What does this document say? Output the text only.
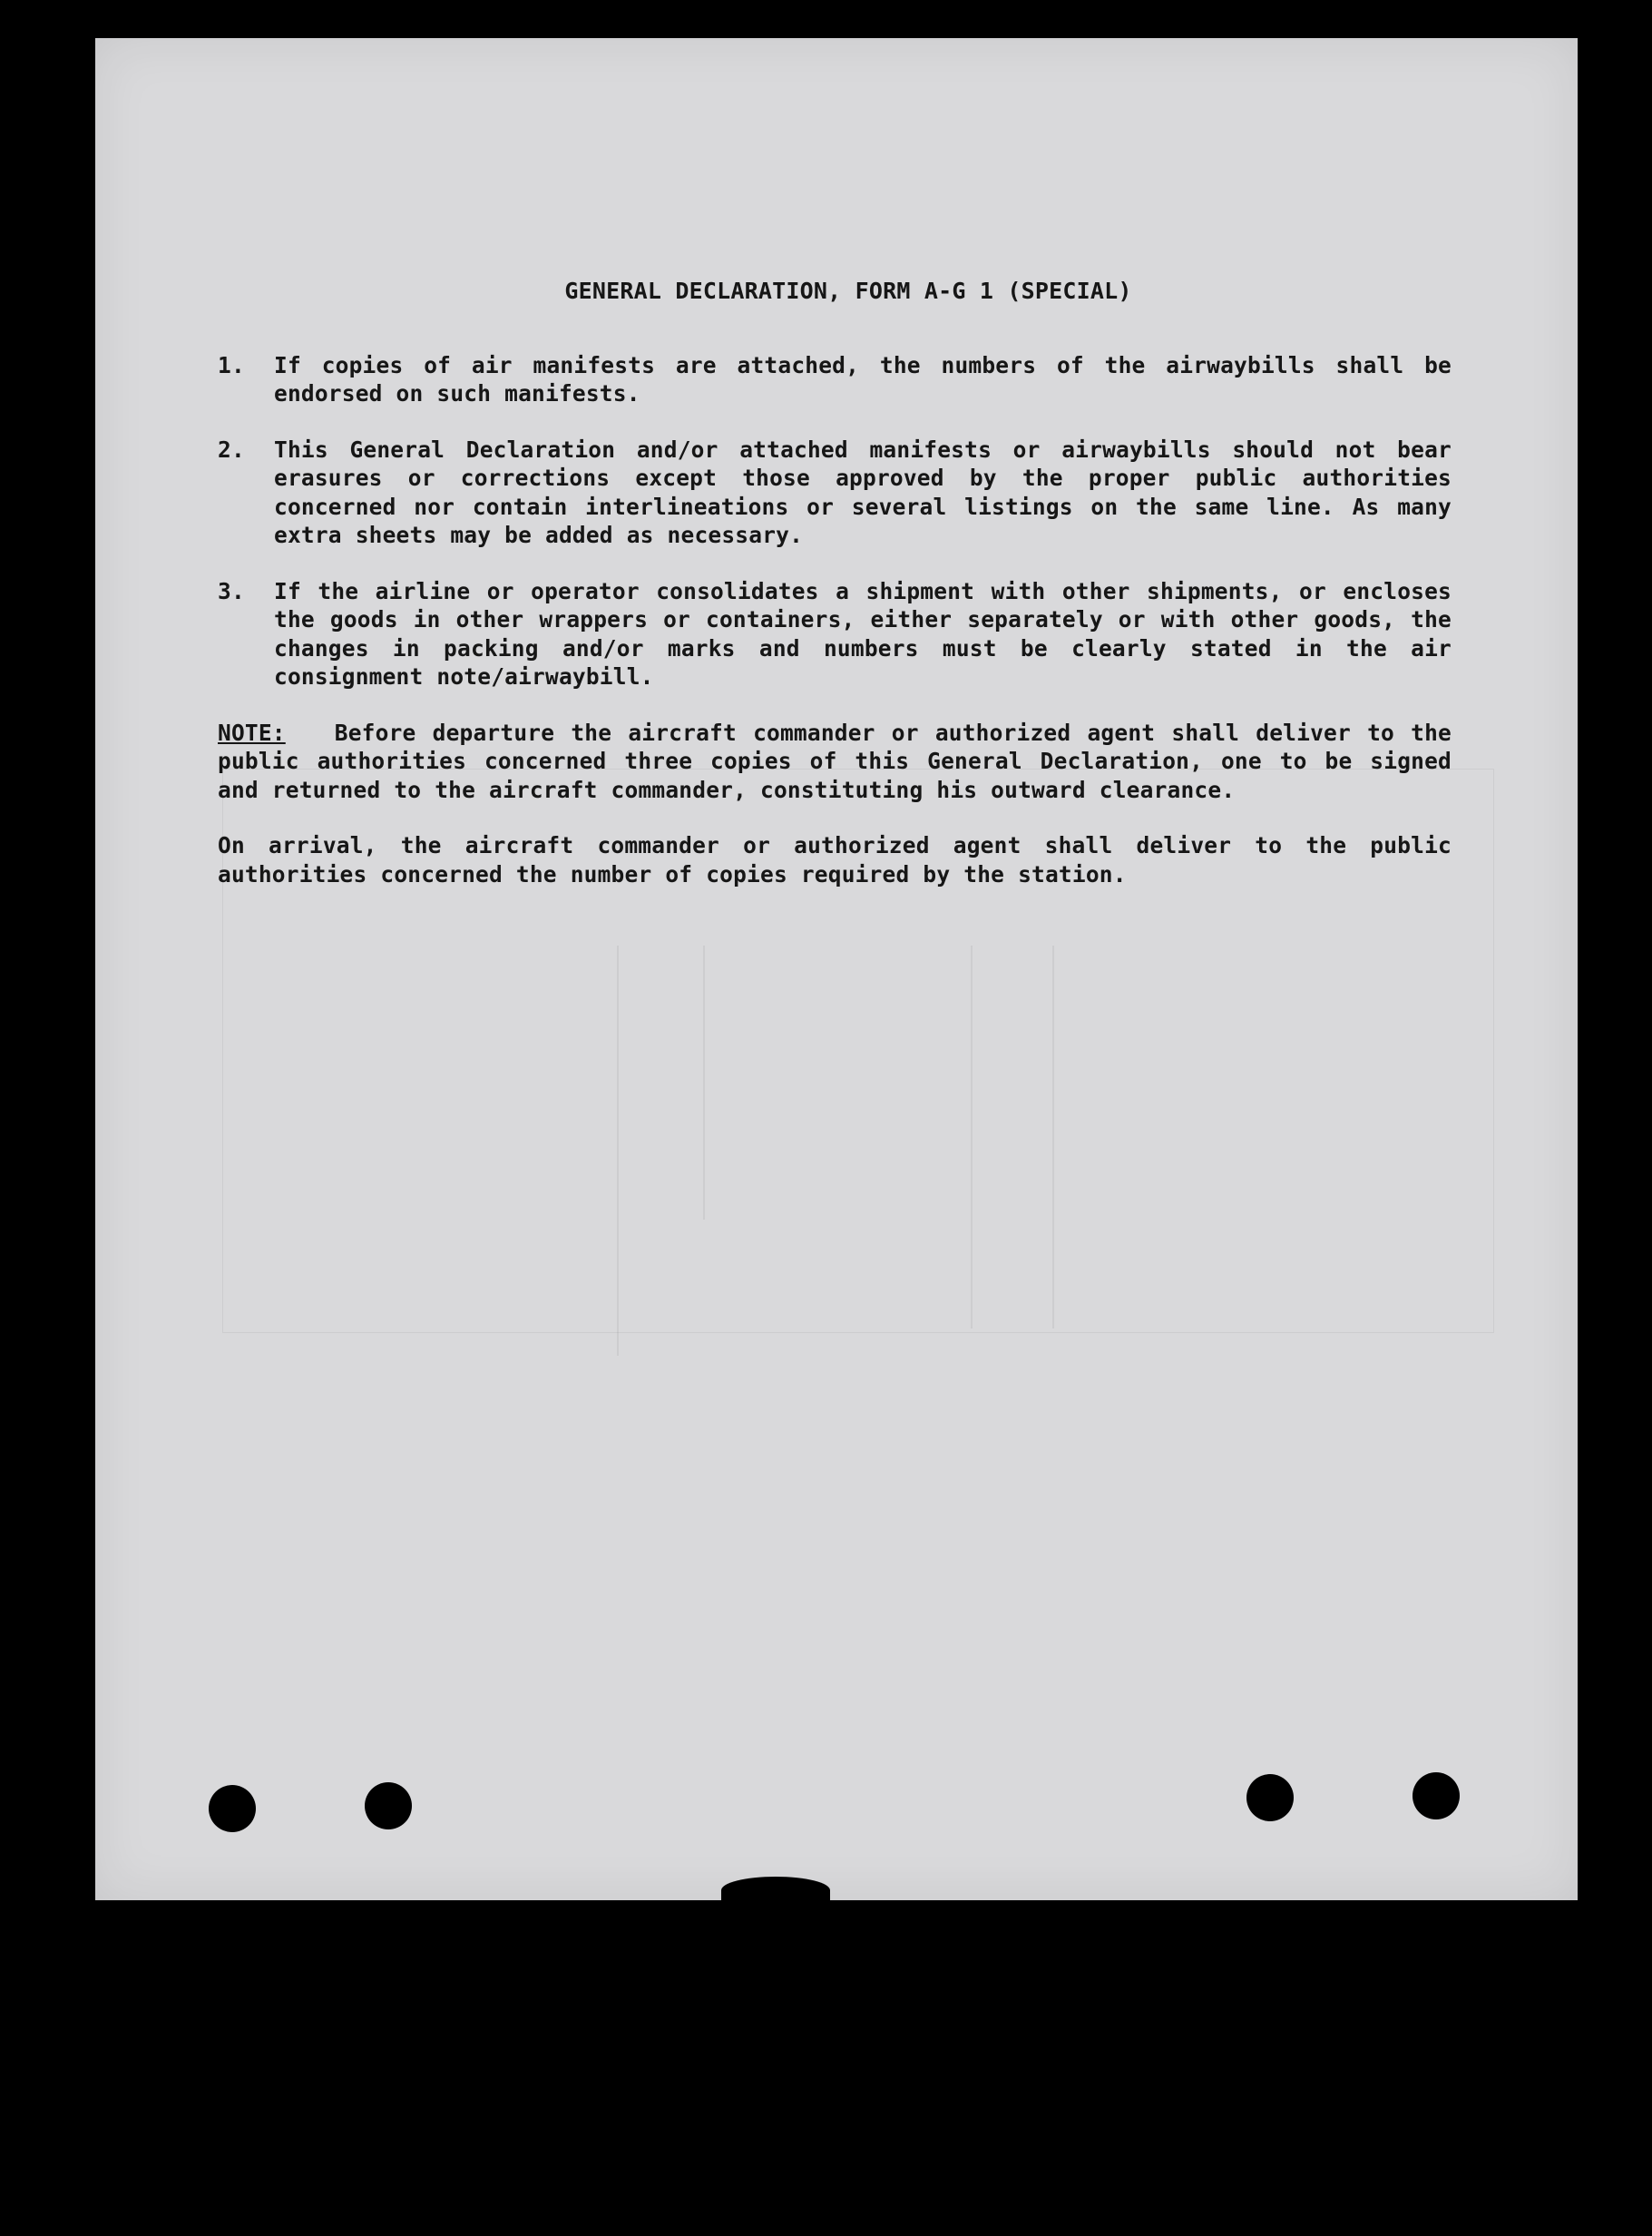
GENERAL DECLARATION, FORM A-G 1 (SPECIAL)
1.	If copies of air manifests are attached, the numbers of the airwaybills shall be endorsed on such manifests.
2.	This General Declaration and/or attached manifests or airwaybills should not bear erasures or corrections except those approved by the proper public authorities concerned nor contain interlineations or several listings on the same line. As many extra sheets may be added as necessary.
3.	If the airline or operator consolidates a shipment with other shipments, or encloses the goods in other wrappers or containers, either separately or with other goods, the changes in packing and/or marks and numbers must be clearly stated in the air consignment note/airwaybill.

NOTE: Before departure the aircraft commander or authorized agent shall deliver to the public authorities concerned three copies of this General Declaration, one to be signed and returned to the aircraft commander, constituting his outward clearance.

On arrival, the aircraft commander or authorized agent shall deliver to the public authorities concerned the number of copies required by the station.
